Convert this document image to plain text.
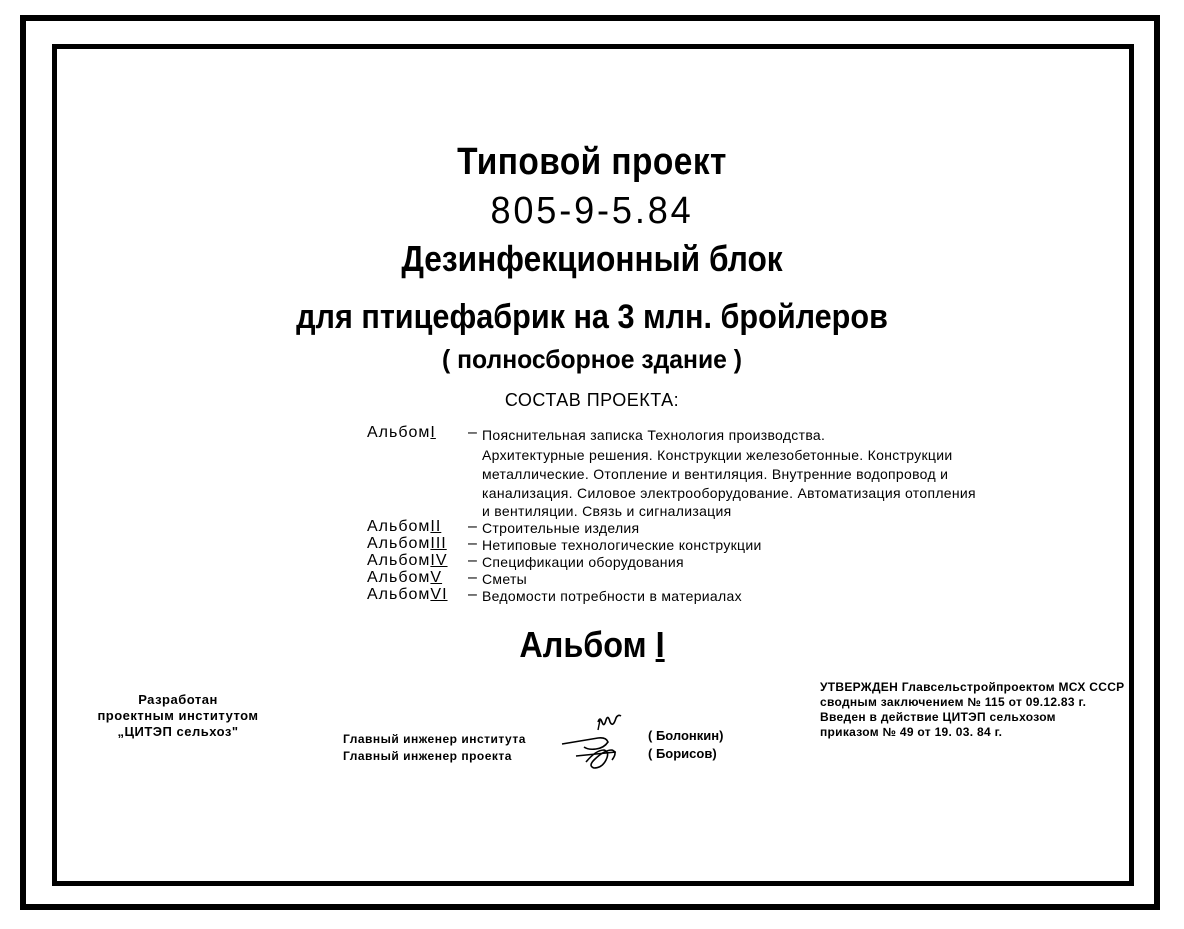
Типовой проект
805-9-5.84
Дезинфекционный блок
для птицефабрик на 3 млн. бройлеров
( полносборное здание )
СОСТАВ ПРОЕКТА:
АльбомI – Пояснительная записка Технология производства.
Архитектурные решения. Конструкции железобетонные. Конструкции
металлические. Отопление и вентиляция. Внутренние водопровод и
канализация. Силовое электрооборудование. Автоматизация отопления
и вентиляции. Связь и сигнализация
АльбомII – Строительные изделия
АльбомIII – Нетиповые технологические конструкции
АльбомIV – Спецификации оборудования
АльбомV – Сметы
АльбомVI – Ведомости потребности в материалах
Альбом I
Разработан
проектным институтом
„ЦИТЭП сельхоз"
УТВЕРЖДЕН Главсельстройпроектом МСХ СССР
сводным заключением № 115 от 09.12.83 г.
Введен в действие ЦИТЭП сельхозом
приказом № 49 от 19. 03. 84 г.
Главный инженер института
Главный инженер проекта
( Болонкин)
( Борисов)
